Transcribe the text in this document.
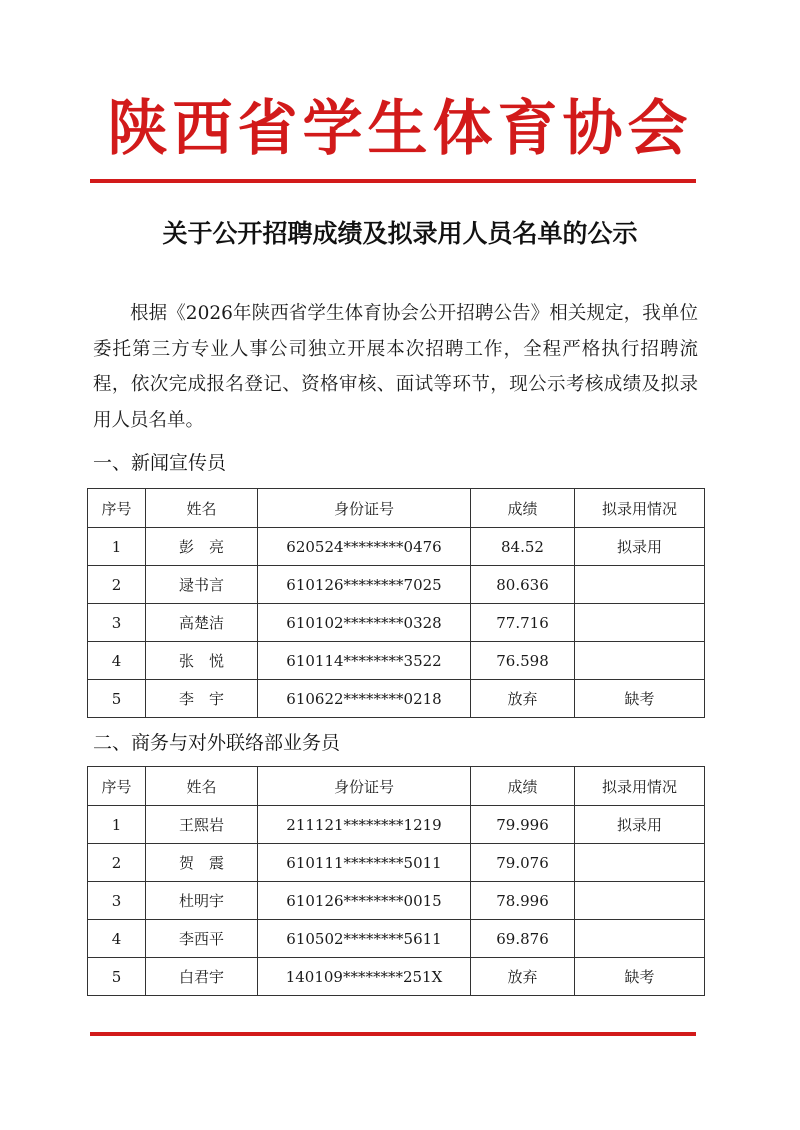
陕西省学生体育协会
关于公开招聘成绩及拟录用人员名单的公示

根据《2026年陕西省学生体育协会公开招聘公告》相关规定，我单位委托第三方专业人事公司独立开展本次招聘工作，全程严格执行招聘流程，依次完成报名登记、资格审核、面试等环节，现公示考核成绩及拟录用人员名单。

一、新闻宣传员
序号	姓名	身份证号	成绩	拟录用情况
1	彭　亮	620524********0476	84.52	拟录用
2	逯书言	610126********7025	80.636	
3	高楚洁	610102********0328	77.716	
4	张　悦	610114********3522	76.598	
5	李　宇	610622********0218	放弃	缺考
二、商务与对外联络部业务员
序号	姓名	身份证号	成绩	拟录用情况
1	王熙岩	211121********1219	79.996	拟录用
2	贺　震	610111********5011	79.076	
3	杜明宇	610126********0015	78.996	
4	李西平	610502********5611	69.876	
5	白君宇	140109********251X	放弃	缺考
